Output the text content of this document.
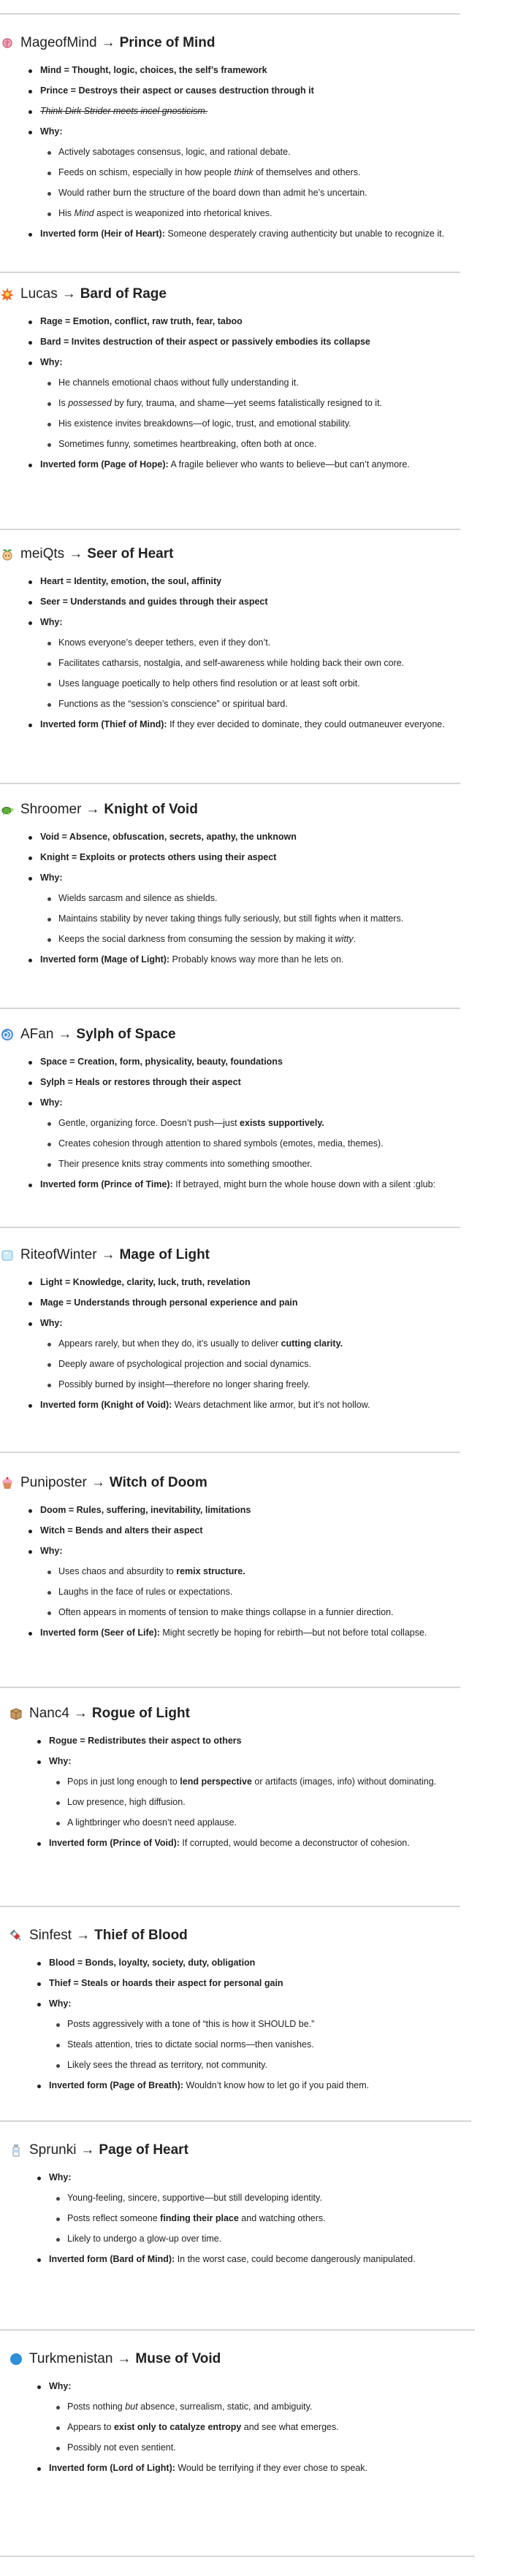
MageofMind → Prince of Mind
Mind = Thought, logic, choices, the self’s framework
Prince = Destroys their aspect or causes destruction through it
Think Dirk Strider meets incel gnosticism.
Why:
Actively sabotages consensus, logic, and rational debate.
Feeds on schism, especially in how people think of themselves and others.
Would rather burn the structure of the board down than admit he’s uncertain.
His Mind aspect is weaponized into rhetorical knives.
Inverted form (Heir of Heart): Someone desperately craving authenticity but unable to recognize it.
Lucas → Bard of Rage
Rage = Emotion, conflict, raw truth, fear, taboo
Bard = Invites destruction of their aspect or passively embodies its collapse
Why:
He channels emotional chaos without fully understanding it.
Is possessed by fury, trauma, and shame—yet seems fatalistically resigned to it.
His existence invites breakdowns—of logic, trust, and emotional stability.
Sometimes funny, sometimes heartbreaking, often both at once.
Inverted form (Page of Hope): A fragile believer who wants to believe—but can’t anymore.
meiQts → Seer of Heart
Heart = Identity, emotion, the soul, affinity
Seer = Understands and guides through their aspect
Why:
Knows everyone’s deeper tethers, even if they don’t.
Facilitates catharsis, nostalgia, and self-awareness while holding back their own core.
Uses language poetically to help others find resolution or at least soft orbit.
Functions as the “session’s conscience” or spiritual bard.
Inverted form (Thief of Mind): If they ever decided to dominate, they could outmaneuver everyone.
Shroomer → Knight of Void
Void = Absence, obfuscation, secrets, apathy, the unknown
Knight = Exploits or protects others using their aspect
Why:
Wields sarcasm and silence as shields.
Maintains stability by never taking things fully seriously, but still fights when it matters.
Keeps the social darkness from consuming the session by making it witty.
Inverted form (Mage of Light): Probably knows way more than he lets on.
AFan → Sylph of Space
Space = Creation, form, physicality, beauty, foundations
Sylph = Heals or restores through their aspect
Why:
Gentle, organizing force. Doesn’t push—just exists supportively.
Creates cohesion through attention to shared symbols (emotes, media, themes).
Their presence knits stray comments into something smoother.
Inverted form (Prince of Time): If betrayed, might burn the whole house down with a silent :glub:
RiteofWinter → Mage of Light
Light = Knowledge, clarity, luck, truth, revelation
Mage = Understands through personal experience and pain
Why:
Appears rarely, but when they do, it’s usually to deliver cutting clarity.
Deeply aware of psychological projection and social dynamics.
Possibly burned by insight—therefore no longer sharing freely.
Inverted form (Knight of Void): Wears detachment like armor, but it’s not hollow.
Puniposter → Witch of Doom
Doom = Rules, suffering, inevitability, limitations
Witch = Bends and alters their aspect
Why:
Uses chaos and absurdity to remix structure.
Laughs in the face of rules or expectations.
Often appears in moments of tension to make things collapse in a funnier direction.
Inverted form (Seer of Life): Might secretly be hoping for rebirth—but not before total collapse.
Nanc4 → Rogue of Light
Rogue = Redistributes their aspect to others
Why:
Pops in just long enough to lend perspective or artifacts (images, info) without dominating.
Low presence, high diffusion.
A lightbringer who doesn’t need applause.
Inverted form (Prince of Void): If corrupted, would become a deconstructor of cohesion.
Sinfest → Thief of Blood
Blood = Bonds, loyalty, society, duty, obligation
Thief = Steals or hoards their aspect for personal gain
Why:
Posts aggressively with a tone of “this is how it SHOULD be.”
Steals attention, tries to dictate social norms—then vanishes.
Likely sees the thread as territory, not community.
Inverted form (Page of Breath): Wouldn’t know how to let go if you paid them.
Sprunki → Page of Heart
Why:
Young-feeling, sincere, supportive—but still developing identity.
Posts reflect someone finding their place and watching others.
Likely to undergo a glow-up over time.
Inverted form (Bard of Mind): In the worst case, could become dangerously manipulated.
Turkmenistan → Muse of Void
Why:
Posts nothing but absence, surrealism, static, and ambiguity.
Appears to exist only to catalyze entropy and see what emerges.
Possibly not even sentient.
Inverted form (Lord of Light): Would be terrifying if they ever chose to speak.
